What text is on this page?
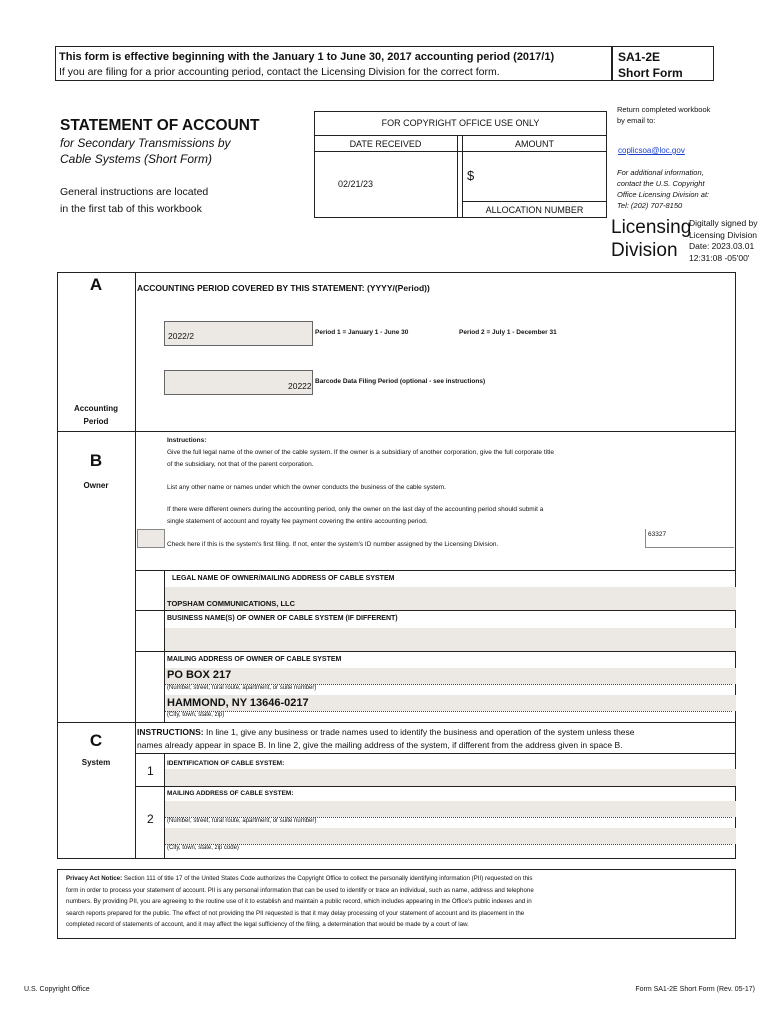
This form is effective beginning with the January 1 to June 30, 2017 accounting period (2017/1)
If you are filing for a prior accounting period, contact the Licensing Division for the correct form.
SA1-2E
Short Form
Return completed workbook
by email to:
coplicsoa@loc.gov
For additional information,
contact the U.S. Copyright
Office Licensing Division at:
Tel: (202) 707-8150
STATEMENT OF ACCOUNT
for Secondary Transmissions by
Cable Systems (Short Form)
General instructions are located
in the first tab of this workbook
FOR COPYRIGHT OFFICE USE ONLY
DATE RECEIVED	AMOUNT
02/21/23
$
ALLOCATION NUMBER
Licensing
Division
Digitally signed by
Licensing Division
Date: 2023.03.01
12:31:08 -05'00'
A
Accounting
Period
ACCOUNTING PERIOD COVERED BY THIS STATEMENT: (YYYY/(Period))
2022/2	Period 1 = January 1 - June 30	Period 2 = July 1 - December 31
20222 Barcode Data Filing Period (optional - see instructions)
B
Owner
Instructions:
Give the full legal name of the owner of the cable system. If the owner is a subsidiary of another corporation, give the full corporate title
of the subsidiary, not that of the parent corporation.
List any other name or names under which the owner conducts the business of the cable system.
If there were different owners during the accounting period, only the owner on the last day of the accounting period should submit a
single statement of account and royalty fee payment covering the entire accounting period.
Check here if this is the system's first filing. If not, enter the system's ID number assigned by the Licensing Division.
63327
LEGAL NAME OF OWNER/MAILING ADDRESS OF CABLE SYSTEM
TOPSHAM COMMUNICATIONS, LLC
BUSINESS NAME(S) OF OWNER OF CABLE SYSTEM (IF DIFFERENT)
MAILING ADDRESS OF OWNER OF CABLE SYSTEM
PO BOX 217
(Number, street, rural route, apartment, or suite number)
HAMMOND, NY 13646-0217
(City, town, state, zip)
C
System
INSTRUCTIONS: In line 1, give any business or trade names used to identify the business and operation of the system unless these
names already appear in space B. In line 2, give the mailing address of the system, if different from the address given in space B.
1
IDENTIFICATION OF CABLE SYSTEM:
MAILING ADDRESS OF CABLE SYSTEM:
2 (Number, street, rural route, apartment, or suite number)
(City, town, state, zip code)
Privacy Act Notice: Section 111 of title 17 of the United States Code authorizes the Copyright Office to collect the personally identifying information (PII) requested on this
form in order to process your statement of account. PII is any personal information that can be used to identify or trace an individual, such as name, address and telephone
numbers. By providing PII, you are agreeing to the routine use of it to establish and maintain a public record, which includes appearing in the Office's public indexes and in
search reports prepared for the public. The effect of not providing the PII requested is that it may delay processing of your statement of account and its placement in the
completed record of statements of account, and it may affect the legal sufficiency of the filing, a determination that would be made by a court of law.
U.S. Copyright Office	Form SA1-2E Short Form (Rev. 05-17)
